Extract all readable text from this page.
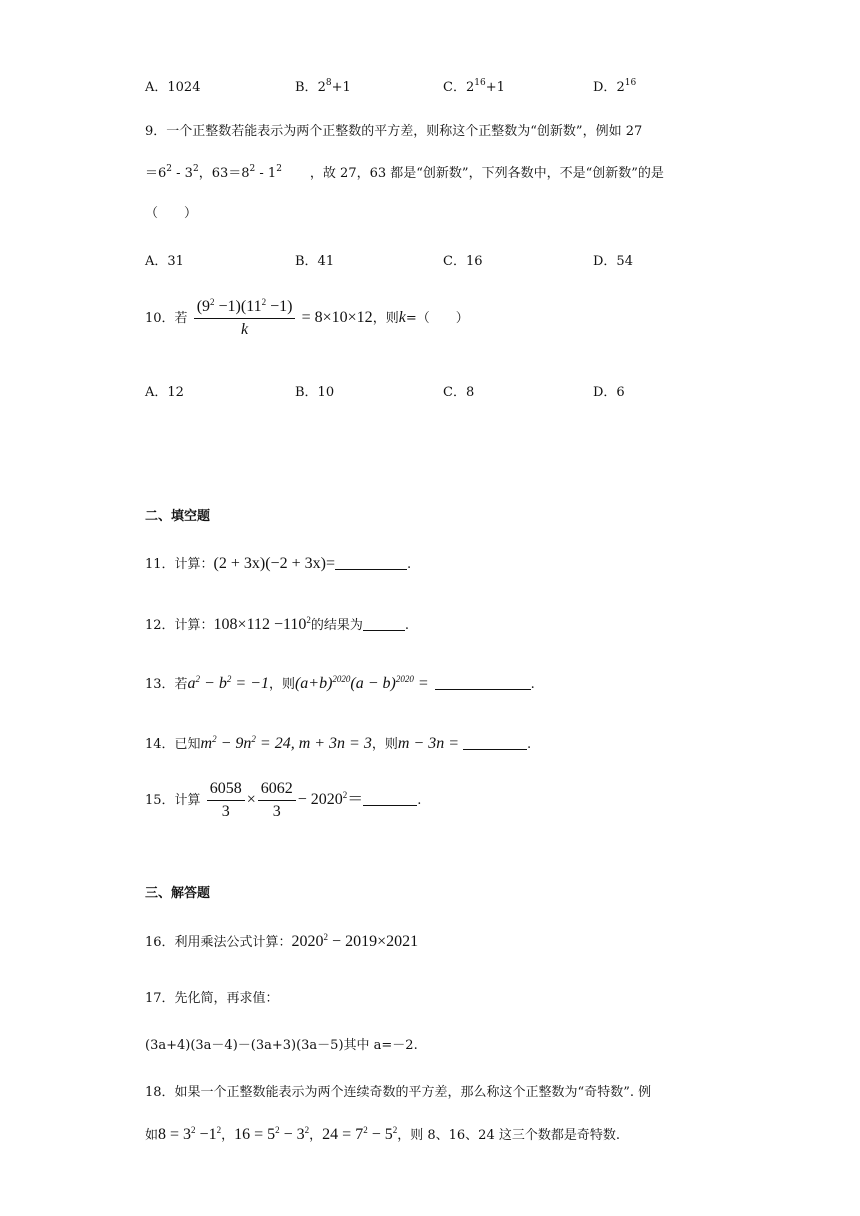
A．1024	B．$2^8+1$	C．$2^{16}+1$	D．$2^{16}$
9．一个正整数若能表示为两个正整数的平方差，则称这个正整数为“创新数”，例如 27
$=6^2 - 3^2$，$63=8^2 - 1^2$ ，故 27，63 都是“创新数”，下列各数中，不是“创新数”的是
（　　）
A．31	B．41	C．16	D．54
10．若 $\frac{(9^2 -1)(11^2 -1)}{k} = 8\times 10\times 12$，则k=（　　）
A．12	B．10	C．8	D．6
二、填空题
11．计算：(2 + 3x)(−2 + 3x)=	.
12．计算：$108\times 112 -110^2$的结果为	.
13．若$a^2 - b^2 = -1$，则$(a+b)^{2020}(a - b)^{2020}$ =	.
14．已知$m^2 - 9n^2 = 24$, m + 3n = 3，则m − 3n =	.
15．计算 $\frac{6058}{3} \times \frac{6062}{3} - 2020^2=$	.
三、解答题
16．利用乘法公式计算：$2020^2 - 2019\times 2021$
17．先化简，再求值：
(3a+4)(3a－4)－(3a+3)(3a－5)其中 a=－2.
18．如果一个正整数能表示为两个连续奇数的平方差，那么称这个正整数为“奇特数”. 例
如$8 = 3^2 -1^2$，$16 = 5^2 - 3^2$，$24 = 7^2 - 5^2$，则 8、16、24 这三个数都是奇特数.
